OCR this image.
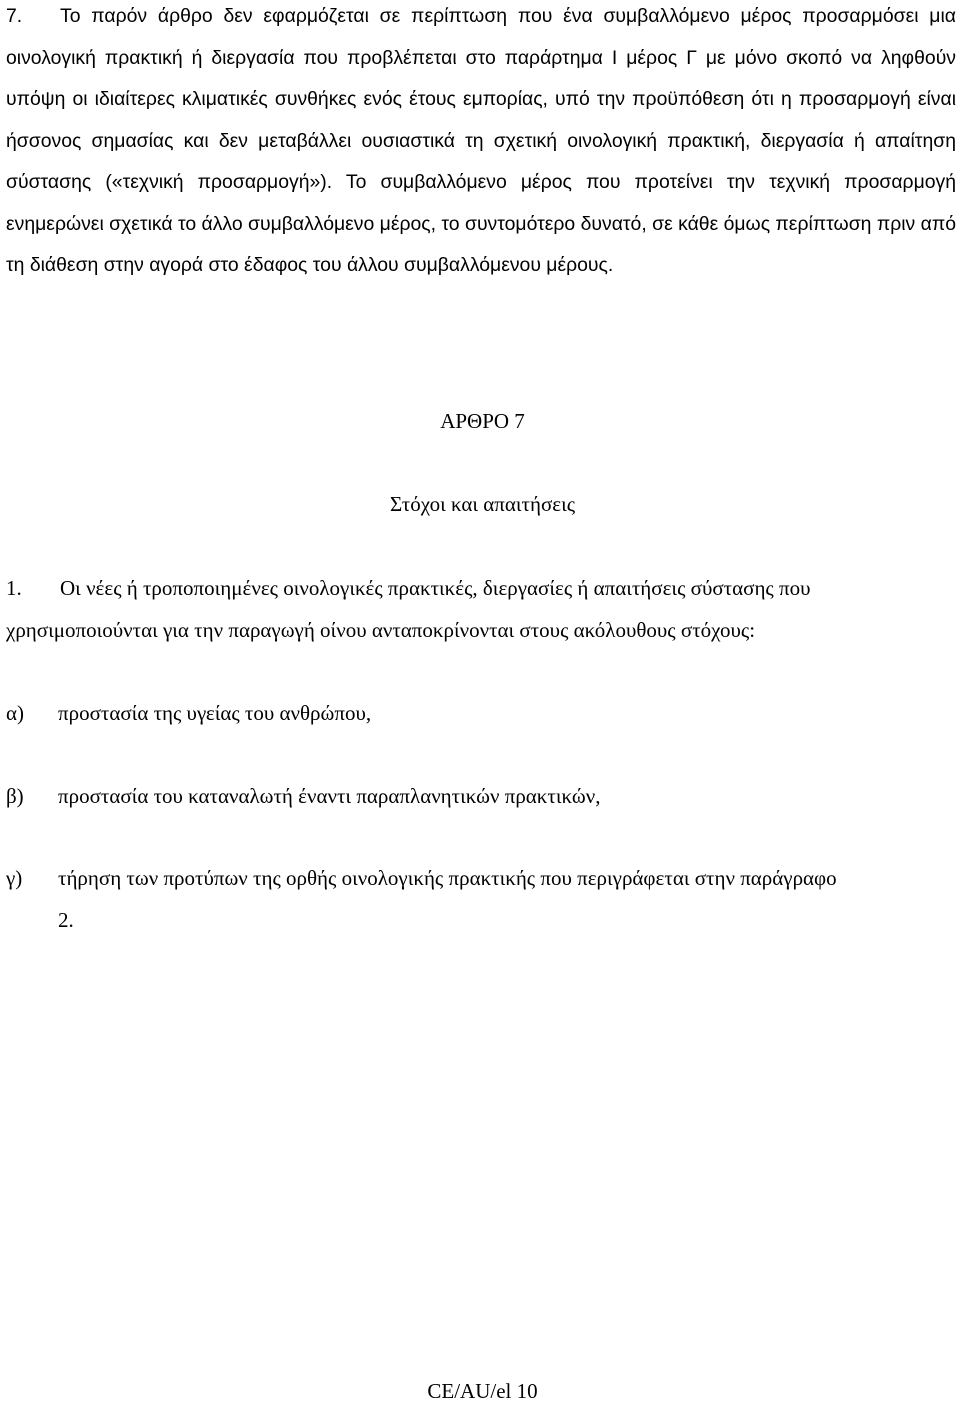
7. Το παρόν άρθρο δεν εφαρμόζεται σε περίπτωση που ένα συμβαλλόμενο μέρος προσαρμόσει μια οινολογική πρακτική ή διεργασία που προβλέπεται στο παράρτημα Ι μέρος Γ με μόνο σκοπό να ληφθούν υπόψη οι ιδιαίτερες κλιματικές συνθήκες ενός έτους εμπορίας, υπό την προϋπόθεση ότι η προσαρμογή είναι ήσσονος σημασίας και δεν μεταβάλλει ουσιαστικά τη σχετική οινολογική πρακτική, διεργασία ή απαίτηση σύστασης («τεχνική προσαρμογή»). Το συμβαλλόμενο μέρος που προτείνει την τεχνική προσαρμογή ενημερώνει σχετικά το άλλο συμβαλλόμενο μέρος, το συντομότερο δυνατό, σε κάθε όμως περίπτωση πριν από τη διάθεση στην αγορά στο έδαφος του άλλου συμβαλλόμενου μέρους.

ΑΡΘΡΟ 7

Στόχοι και απαιτήσεις

1. Οι νέες ή τροποποιημένες οινολογικές πρακτικές, διεργασίες ή απαιτήσεις σύστασης που χρησιμοποιούνται για την παραγωγή οίνου ανταποκρίνονται στους ακόλουθους στόχους:

α) προστασία της υγείας του ανθρώπου,

β) προστασία του καταναλωτή έναντι παραπλανητικών πρακτικών,

γ) τήρηση των προτύπων της ορθής οινολογικής πρακτικής που περιγράφεται στην παράγραφο 2.

CE/AU/el 10
